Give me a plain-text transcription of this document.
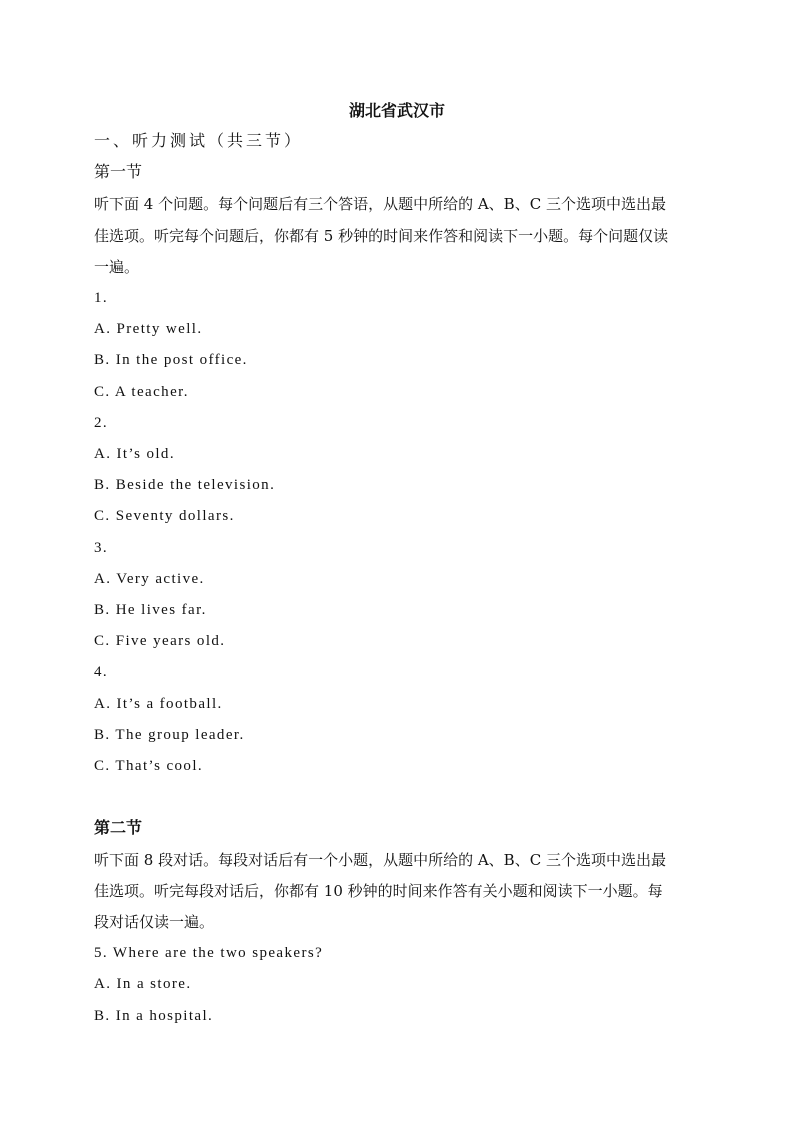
湖北省武汉市
一、听力测试（共三节）
第一节
听下面 4 个问题。每个问题后有三个答语，从题中所给的 A、B、C 三个选项中选出最
佳选项。听完每个问题后，你都有 5 秒钟的时间来作答和阅读下一小题。每个问题仅读
一遍。
1.
A. Pretty well.
B. In the post office.
C. A teacher.
2.
A. It’s old.
B. Beside the television.
C. Seventy dollars.
3.
A. Very active.
B. He lives far.
C. Five years old.
4.
A. It’s a football.
B. The group leader.
C. That’s cool.
第二节
听下面 8 段对话。每段对话后有一个小题，从题中所给的 A、B、C 三个选项中选出最
佳选项。听完每段对话后，你都有 10 秒钟的时间来作答有关小题和阅读下一小题。每
段对话仅读一遍。
5. Where are the two speakers?
A. In a store.
B. In a hospital.
